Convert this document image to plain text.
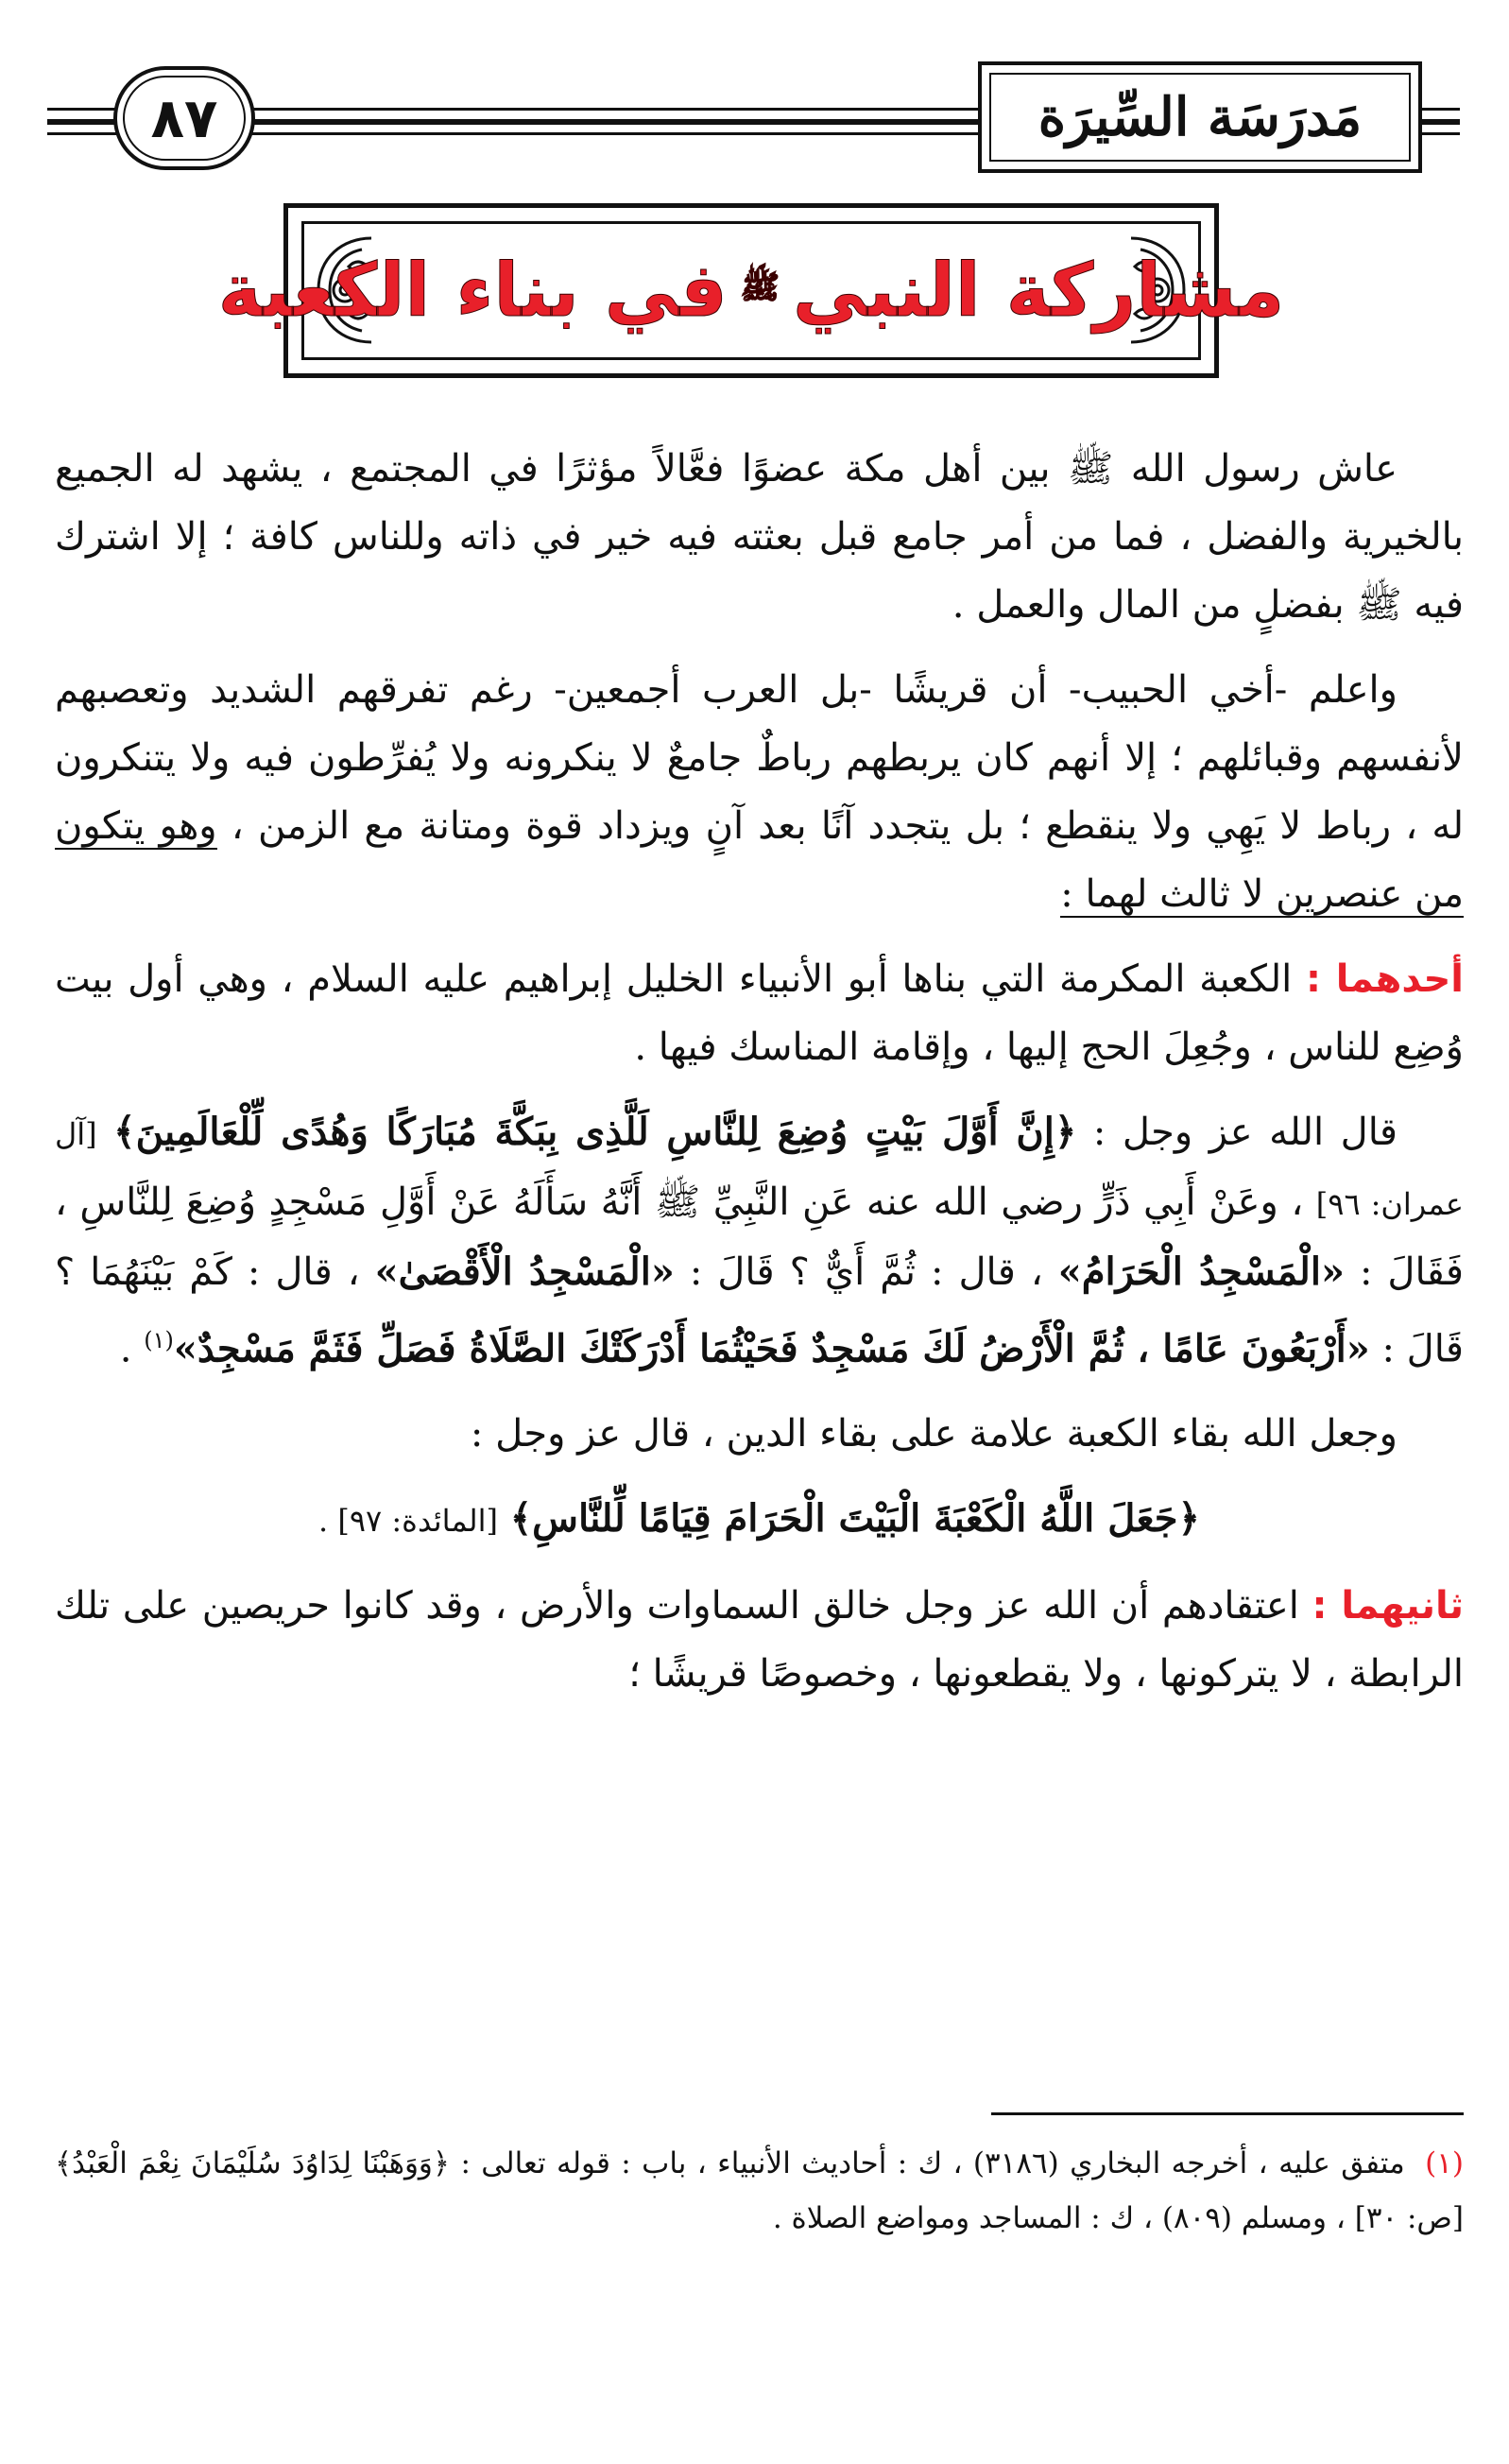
٨٧	مَدرَسَة السِّيرَة
مشاركة النبي
ﷺ
في بناء الكعبة

عاش رسول الله ﷺ بين أهل مكة عضوًا فعَّالاً مؤثرًا في المجتمع ، يشهد له الجميع بالخيرية والفضل ، فما من أمر جامع قبل بعثته فيه خير في ذاته وللناس كافة ؛ إلا اشترك فيه ﷺ بفضلٍ من المال والعمل .

واعلم -أخي الحبيب- أن قريشًا -بل العرب أجمعين- رغم تفرقهم الشديد وتعصبهم لأنفسهم وقبائلهم ؛ إلا أنهم كان يربطهم رباطٌ جامعٌ لا ينكرونه ولا يُفرِّطون فيه ولا يتنكرون له ، رباط لا يَهِي ولا ينقطع ؛ بل يتجدد آنًا بعد آنٍ ويزداد قوة ومتانة مع الزمن ، وهو يتكون من عنصرين لا ثالث لهما :

أحدهما : الكعبة المكرمة التي بناها أبو الأنبياء الخليل إبراهيم عليه السلام ، وهي أول بيت وُضِع للناس ، وجُعِلَ الحج إليها ، وإقامة المناسك فيها .

قال الله عز وجل : ﴿إِنَّ أَوَّلَ بَيْتٍ وُضِعَ لِلنَّاسِ لَلَّذِى بِبَكَّةَ مُبَارَكًا وَهُدًى لِّلْعَالَمِينَ﴾ [آل عمران: ٩٦] ، وعَنْ أَبِي ذَرٍّ رضي الله عنه عَنِ النَّبِيِّ ﷺ أَنَّهُ سَأَلَهُ عَنْ أَوَّلِ مَسْجِدٍ وُضِعَ لِلنَّاسِ ، فَقَالَ : «الْمَسْجِدُ الْحَرَامُ» ، قال : ثُمَّ أَيٌّ ؟ قَالَ : «الْمَسْجِدُ الْأَقْصَىٰ» ، قال : كَمْ بَيْنَهُمَا ؟ قَالَ : «أَرْبَعُونَ عَامًا ، ثُمَّ الْأَرْضُ لَكَ مَسْجِدٌ فَحَيْثُمَا أَدْرَكَتْكَ الصَّلَاةُ فَصَلِّ فَثَمَّ مَسْجِدٌ»$^{(١)}$ .

وجعل الله بقاء الكعبة علامة على بقاء الدين ، قال عز وجل :

﴿جَعَلَ اللَّهُ الْكَعْبَةَ الْبَيْتَ الْحَرَامَ قِيَامًا لِّلنَّاسِ﴾ [المائدة: ٩٧] .

ثانيهما : اعتقادهم أن الله عز وجل خالق السماوات والأرض ، وقد كانوا حريصين على تلك الرابطة ، لا يتركونها ، ولا يقطعونها ، وخصوصًا قريشًا ؛

(١) متفق عليه ، أخرجه البخاري (٣١٨٦) ، ك : أحاديث الأنبياء ، باب : قوله تعالى : ﴿وَوَهَبْنَا لِدَاوُدَ سُلَيْمَانَ نِعْمَ الْعَبْدُ﴾ [ص: ٣٠] ، ومسلم (٨٠٩) ، ك : المساجد ومواضع الصلاة .
